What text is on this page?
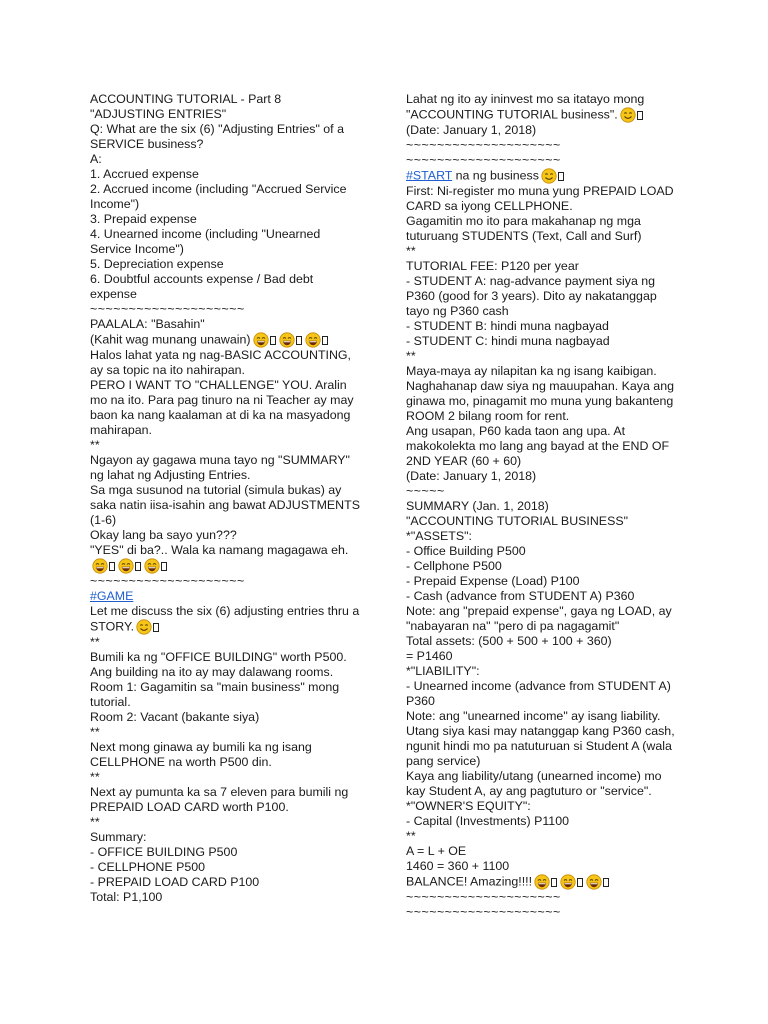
ACCOUNTING TUTORIAL - Part 8
"ADJUSTING ENTRIES"
Q: What are the six (6) "Adjusting Entries" of a SERVICE business?
A:
1. Accrued expense
2. Accrued income (including "Accrued Service Income")
3. Prepaid expense
4. Unearned income (including "Unearned Service Income")
5. Depreciation expense
6. Doubtful accounts expense / Bad debt expense
~~~~~~~~~~~~~~~~~~~~
PAALALA: "Basahin"
(Kahit wag munang unawain)
Halos lahat yata ng nag-BASIC ACCOUNTING, ay sa topic na ito nahirapan.
PERO I WANT TO "CHALLENGE" YOU. Aralin mo na ito. Para pag tinuro na ni Teacher ay may baon ka nang kaalaman at di ka na masyadong mahirapan.
**
Ngayon ay gagawa muna tayo ng "SUMMARY" ng lahat ng Adjusting Entries.
Sa mga susunod na tutorial (simula bukas) ay saka natin iisa-isahin ang bawat ADJUSTMENTS (1-6)
Okay lang ba sayo yun???
"YES" di ba?.. Wala ka namang magagawa eh.
~~~~~~~~~~~~~~~~~~~~
#GAME
Let me discuss the six (6) adjusting entries thru a STORY.
**
Bumili ka ng "OFFICE BUILDING" worth P500. Ang building na ito ay may dalawang rooms.
Room 1: Gagamitin sa "main business" mong tutorial.
Room 2: Vacant (bakante siya)
**
Next mong ginawa ay bumili ka ng isang CELLPHONE na worth P500 din.
**
Next ay pumunta ka sa 7 eleven para bumili ng PREPAID LOAD CARD worth P100.
**
Summary:
- OFFICE BUILDING P500
- CELLPHONE P500
- PREPAID LOAD CARD P100
Total: P1,100
Lahat ng ito ay ininvest mo sa itatayo mong "ACCOUNTING TUTORIAL business".
(Date: January 1, 2018)
~~~~~~~~~~~~~~~~~~~~
~~~~~~~~~~~~~~~~~~~~
#START na ng business
First: Ni-register mo muna yung PREPAID LOAD CARD sa iyong CELLPHONE.
Gagamitin mo ito para makahanap ng mga tuturuang STUDENTS (Text, Call and Surf)
**
TUTORIAL FEE: P120 per year
- STUDENT A: nag-advance payment siya ng P360 (good for 3 years). Dito ay nakatanggap tayo ng P360 cash
- STUDENT B: hindi muna nagbayad
- STUDENT C: hindi muna nagbayad
**
Maya-maya ay nilapitan ka ng isang kaibigan. Naghahanap daw siya ng mauupahan. Kaya ang ginawa mo, pinagamit mo muna yung bakanteng ROOM 2 bilang room for rent.
Ang usapan, P60 kada taon ang upa. At makokolekta mo lang ang bayad at the END OF 2ND YEAR (60 + 60)
(Date: January 1, 2018)
~~~~~
SUMMARY (Jan. 1, 2018)
"ACCOUNTING TUTORIAL BUSINESS"
*"ASSETS":
- Office Building P500
- Cellphone P500
- Prepaid Expense (Load) P100
- Cash (advance from STUDENT A) P360
Note: ang "prepaid expense", gaya ng LOAD, ay "nabayaran na" "pero di pa nagagamit"
Total assets: (500 + 500 + 100 + 360)
= P1460
*"LIABILITY":
- Unearned income (advance from STUDENT A) P360
Note: ang "unearned income" ay isang liability. Utang siya kasi may natanggap kang P360 cash, ngunit hindi mo pa natuturuan si Student A (wala pang service)
Kaya ang liability/utang (unearned income) mo kay Student A, ay ang pagtuturo or "service".
*"OWNER'S EQUITY":
- Capital (Investments) P1100
**
A = L + OE
1460 = 360 + 1100
BALANCE! Amazing!!!!
~~~~~~~~~~~~~~~~~~~~
~~~~~~~~~~~~~~~~~~~~
